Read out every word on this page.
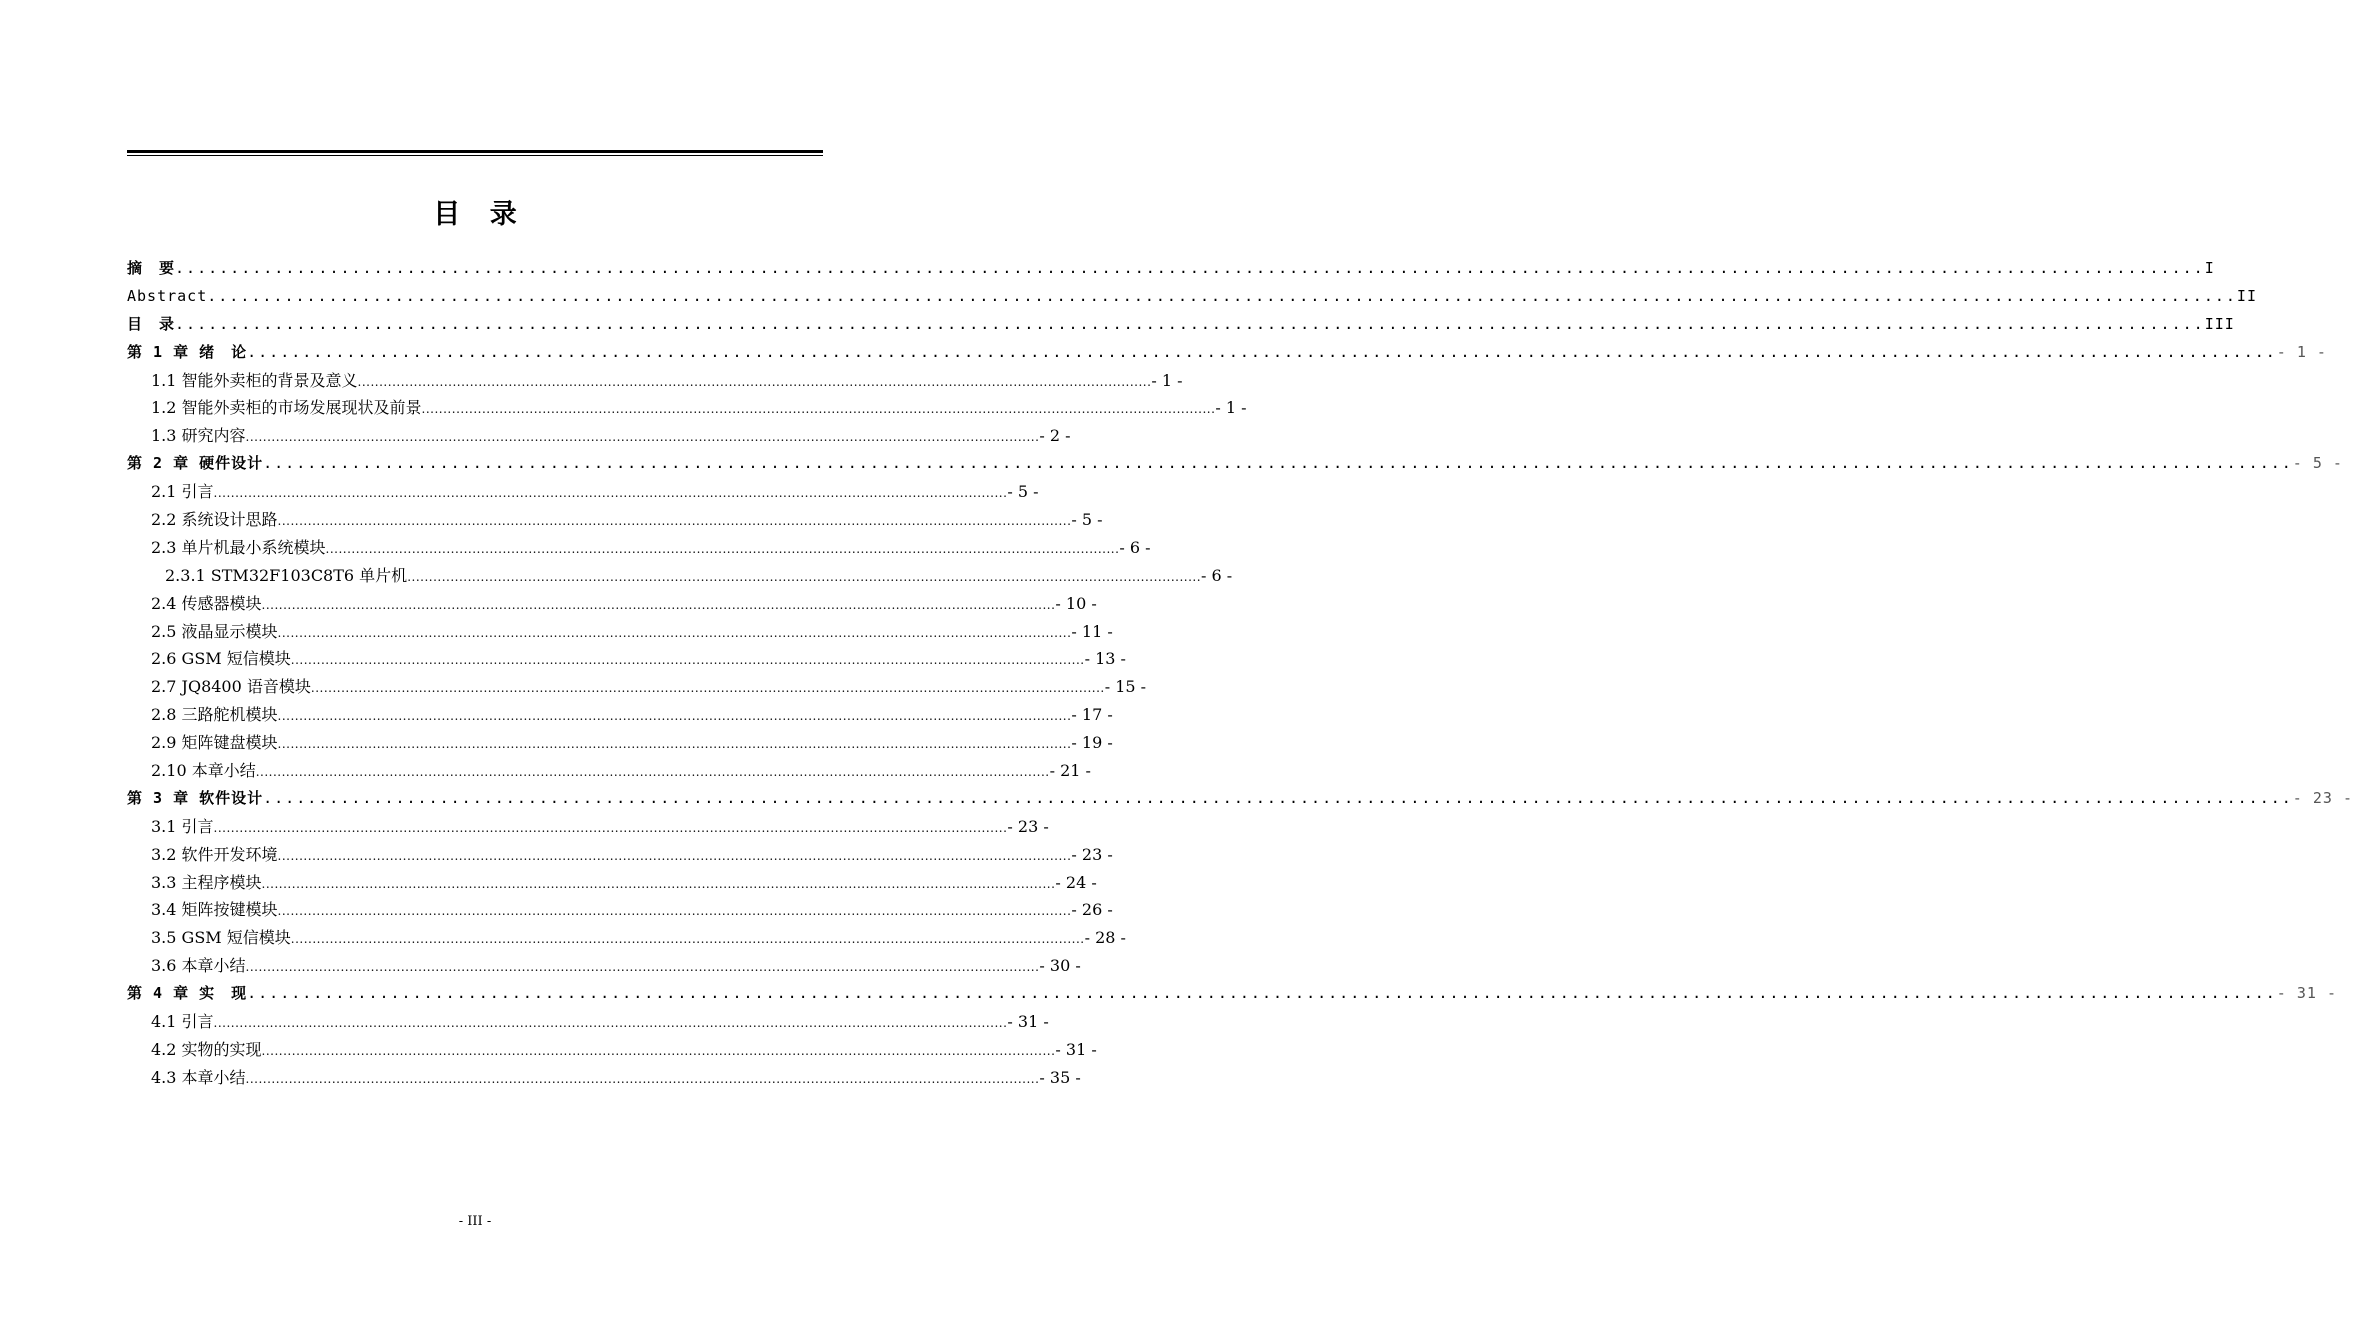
目 录
摘　要 ........................................................................................................................................................................................ I
Abstract ........................................................................................................................................................................................ II
目　录 ........................................................................................................................................................................................ III
第 1 章 绪　论 ........................................................................................................................................................................................ - 1 -
1.1 智能外卖柜的背景及意义 ........................................................................................................................................................................................ - 1 -
1.2 智能外卖柜的市场发展现状及前景 ........................................................................................................................................................................................ - 1 -
1.3 研究内容 ........................................................................................................................................................................................ - 2 -
第 2 章 硬件设计 ........................................................................................................................................................................................ - 5 -
2.1 引言 ........................................................................................................................................................................................ - 5 -
2.2 系统设计思路 ........................................................................................................................................................................................ - 5 -
2.3 单片机最小系统模块 ........................................................................................................................................................................................ - 6 -
2.3.1 STM32F103C8T6 单片机 ........................................................................................................................................................................................ - 6 -
2.4 传感器模块 ........................................................................................................................................................................................ - 10 -
2.5 液晶显示模块 ........................................................................................................................................................................................ - 11 -
2.6 GSM 短信模块 ........................................................................................................................................................................................ - 13 -
2.7 JQ8400 语音模块 ........................................................................................................................................................................................ - 15 -
2.8 三路舵机模块 ........................................................................................................................................................................................ - 17 -
2.9 矩阵键盘模块 ........................................................................................................................................................................................ - 19 -
2.10 本章小结 ........................................................................................................................................................................................ - 21 -
第 3 章 软件设计 ........................................................................................................................................................................................ - 23 -
3.1 引言 ........................................................................................................................................................................................ - 23 -
3.2 软件开发环境 ........................................................................................................................................................................................ - 23 -
3.3 主程序模块 ........................................................................................................................................................................................ - 24 -
3.4 矩阵按键模块 ........................................................................................................................................................................................ - 26 -
3.5 GSM 短信模块 ........................................................................................................................................................................................ - 28 -
3.6 本章小结 ........................................................................................................................................................................................ - 30 -
第 4 章 实　现 ........................................................................................................................................................................................ - 31 -
4.1 引言 ........................................................................................................................................................................................ - 31 -
4.2 实物的实现 ........................................................................................................................................................................................ - 31 -
4.3 本章小结 ........................................................................................................................................................................................ - 35 -
- III -
